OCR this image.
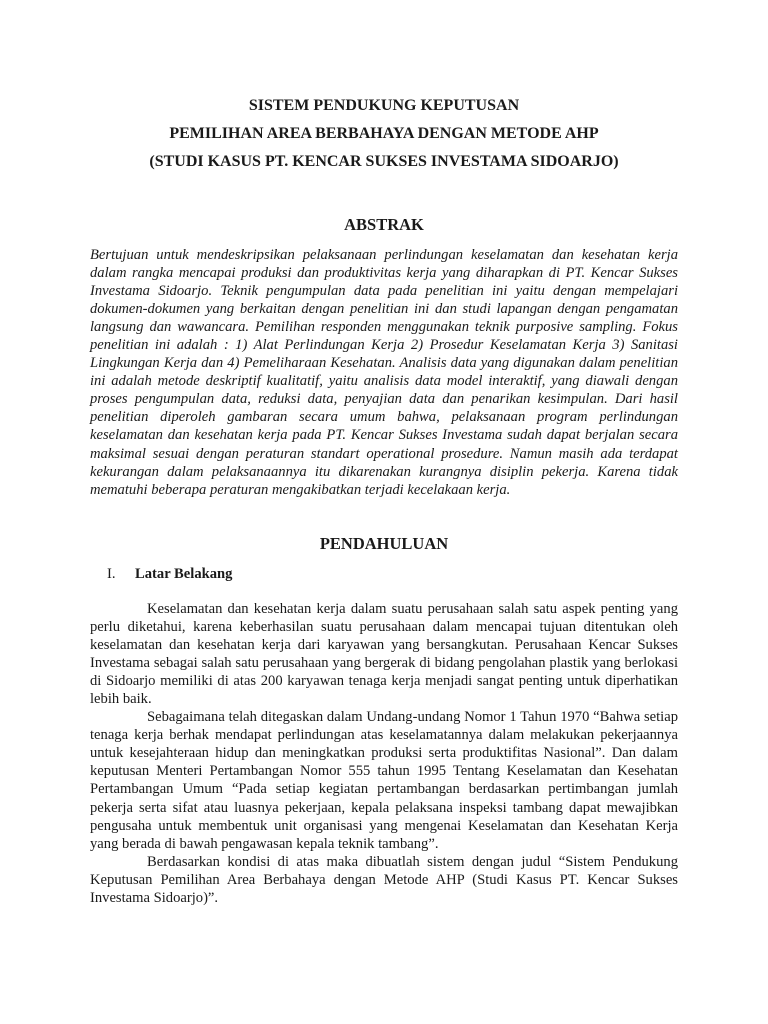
SISTEM PENDUKUNG KEPUTUSAN
PEMILIHAN AREA BERBAHAYA DENGAN METODE AHP
(STUDI KASUS PT. KENCAR SUKSES INVESTAMA SIDOARJO)
ABSTRAK
Bertujuan untuk mendeskripsikan pelaksanaan perlindungan keselamatan dan kesehatan kerja dalam rangka mencapai produksi dan produktivitas kerja yang diharapkan di PT. Kencar Sukses Investama Sidoarjo. Teknik pengumpulan data pada penelitian ini yaitu dengan mempelajari dokumen-dokumen yang berkaitan dengan penelitian ini dan studi lapangan dengan pengamatan langsung dan wawancara. Pemilihan responden menggunakan teknik purposive sampling. Fokus penelitian ini adalah : 1) Alat Perlindungan Kerja 2) Prosedur Keselamatan Kerja 3) Sanitasi Lingkungan Kerja dan 4) Pemeliharaan Kesehatan. Analisis data yang digunakan dalam penelitian ini adalah metode deskriptif kualitatif, yaitu analisis data model interaktif, yang diawali dengan proses pengumpulan data, reduksi data, penyajian data dan penarikan kesimpulan. Dari hasil penelitian diperoleh gambaran secara umum bahwa, pelaksanaan program perlindungan keselamatan dan kesehatan kerja pada PT. Kencar Sukses Investama sudah dapat berjalan secara maksimal sesuai dengan peraturan standart operational prosedure. Namun masih ada terdapat kekurangan dalam pelaksanaannya itu dikarenakan kurangnya disiplin pekerja. Karena tidak mematuhi beberapa peraturan mengakibatkan terjadi kecelakaan kerja.
PENDAHULUAN
I. Latar Belakang

Keselamatan dan kesehatan kerja dalam suatu perusahaan salah satu aspek penting yang perlu diketahui, karena keberhasilan suatu perusahaan dalam mencapai tujuan ditentukan oleh keselamatan dan kesehatan kerja dari karyawan yang bersangkutan. Perusahaan Kencar Sukses Investama sebagai salah satu perusahaan yang bergerak di bidang pengolahan plastik yang berlokasi di Sidoarjo memiliki di atas 200 karyawan tenaga kerja menjadi sangat penting untuk diperhatikan lebih baik.

Sebagaimana telah ditegaskan dalam Undang-undang Nomor 1 Tahun 1970 “Bahwa setiap tenaga kerja berhak mendapat perlindungan atas keselamatannya dalam melakukan pekerjaannya untuk kesejahteraan hidup dan meningkatkan produksi serta produktifitas Nasional”. Dan dalam keputusan Menteri Pertambangan Nomor 555 tahun 1995 Tentang Keselamatan dan Kesehatan Pertambangan Umum “Pada setiap kegiatan pertambangan berdasarkan pertimbangan jumlah pekerja serta sifat atau luasnya pekerjaan, kepala pelaksana inspeksi tambang dapat mewajibkan pengusaha untuk membentuk unit organisasi yang mengenai Keselamatan dan Kesehatan Kerja yang berada di bawah pengawasan kepala teknik tambang”.

Berdasarkan kondisi di atas maka dibuatlah sistem dengan judul “Sistem Pendukung Keputusan Pemilihan Area Berbahaya dengan Metode AHP (Studi Kasus PT. Kencar Sukses Investama Sidoarjo)”.
